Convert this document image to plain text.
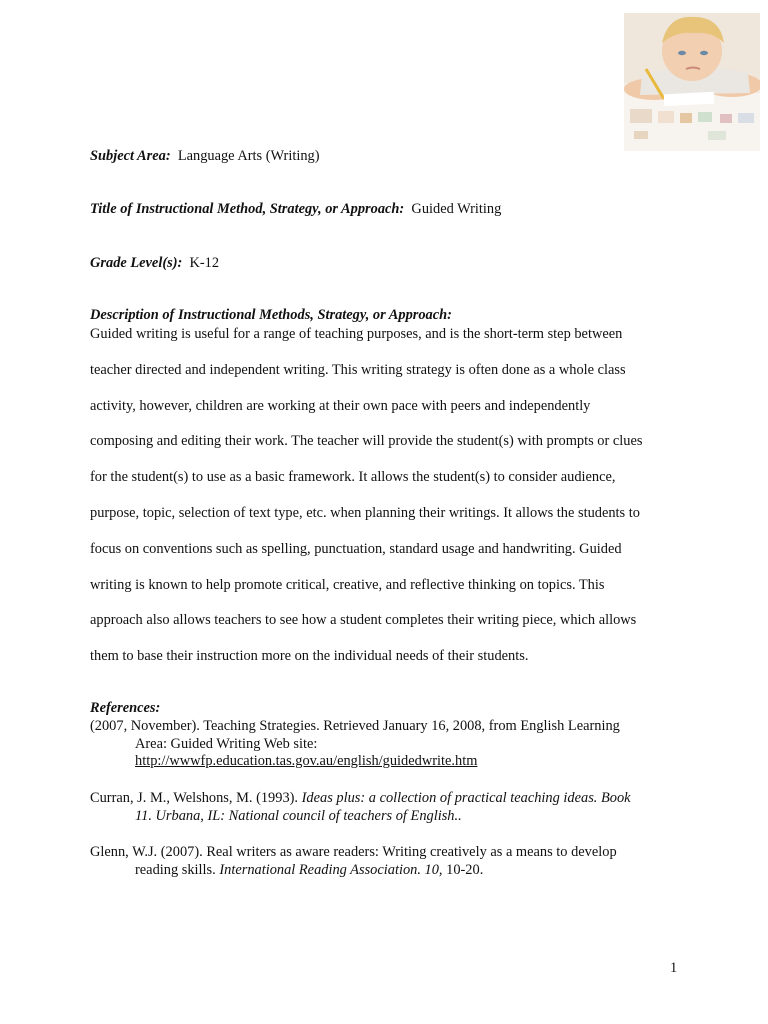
Subject Area: Language Arts (Writing)
Title of Instructional Method, Strategy, or Approach: Guided Writing
Grade Level(s): K-12
Description of Instructional Methods, Strategy, or Approach:
Guided writing is useful for a range of teaching purposes, and is the short-term step between
teacher directed and independent writing. This writing strategy is often done as a whole class
activity, however, children are working at their own pace with peers and independently
composing and editing their work. The teacher will provide the student(s) with prompts or clues
for the student(s) to use as a basic framework. It allows the student(s) to consider audience,
purpose, topic, selection of text type, etc. when planning their writings. It allows the students to
focus on conventions such as spelling, punctuation, standard usage and handwriting. Guided
writing is known to help promote critical, creative, and reflective thinking on topics. This
approach also allows teachers to see how a student completes their writing piece, which allows
them to base their instruction more on the individual needs of their students.
References:
(2007, November). Teaching Strategies. Retrieved January 16, 2008, from English Learning
Area: Guided Writing Web site:
http://wwwfp.education.tas.gov.au/english/guidedwrite.htm
Curran, J. M., Welshons, M. (1993). Ideas plus: a collection of practical teaching ideas. Book
11. Urbana, IL: National council of teachers of English..
Glenn, W.J. (2007). Real writers as aware readers: Writing creatively as a means to develop
reading skills. International Reading Association. 10, 10-20.
1
